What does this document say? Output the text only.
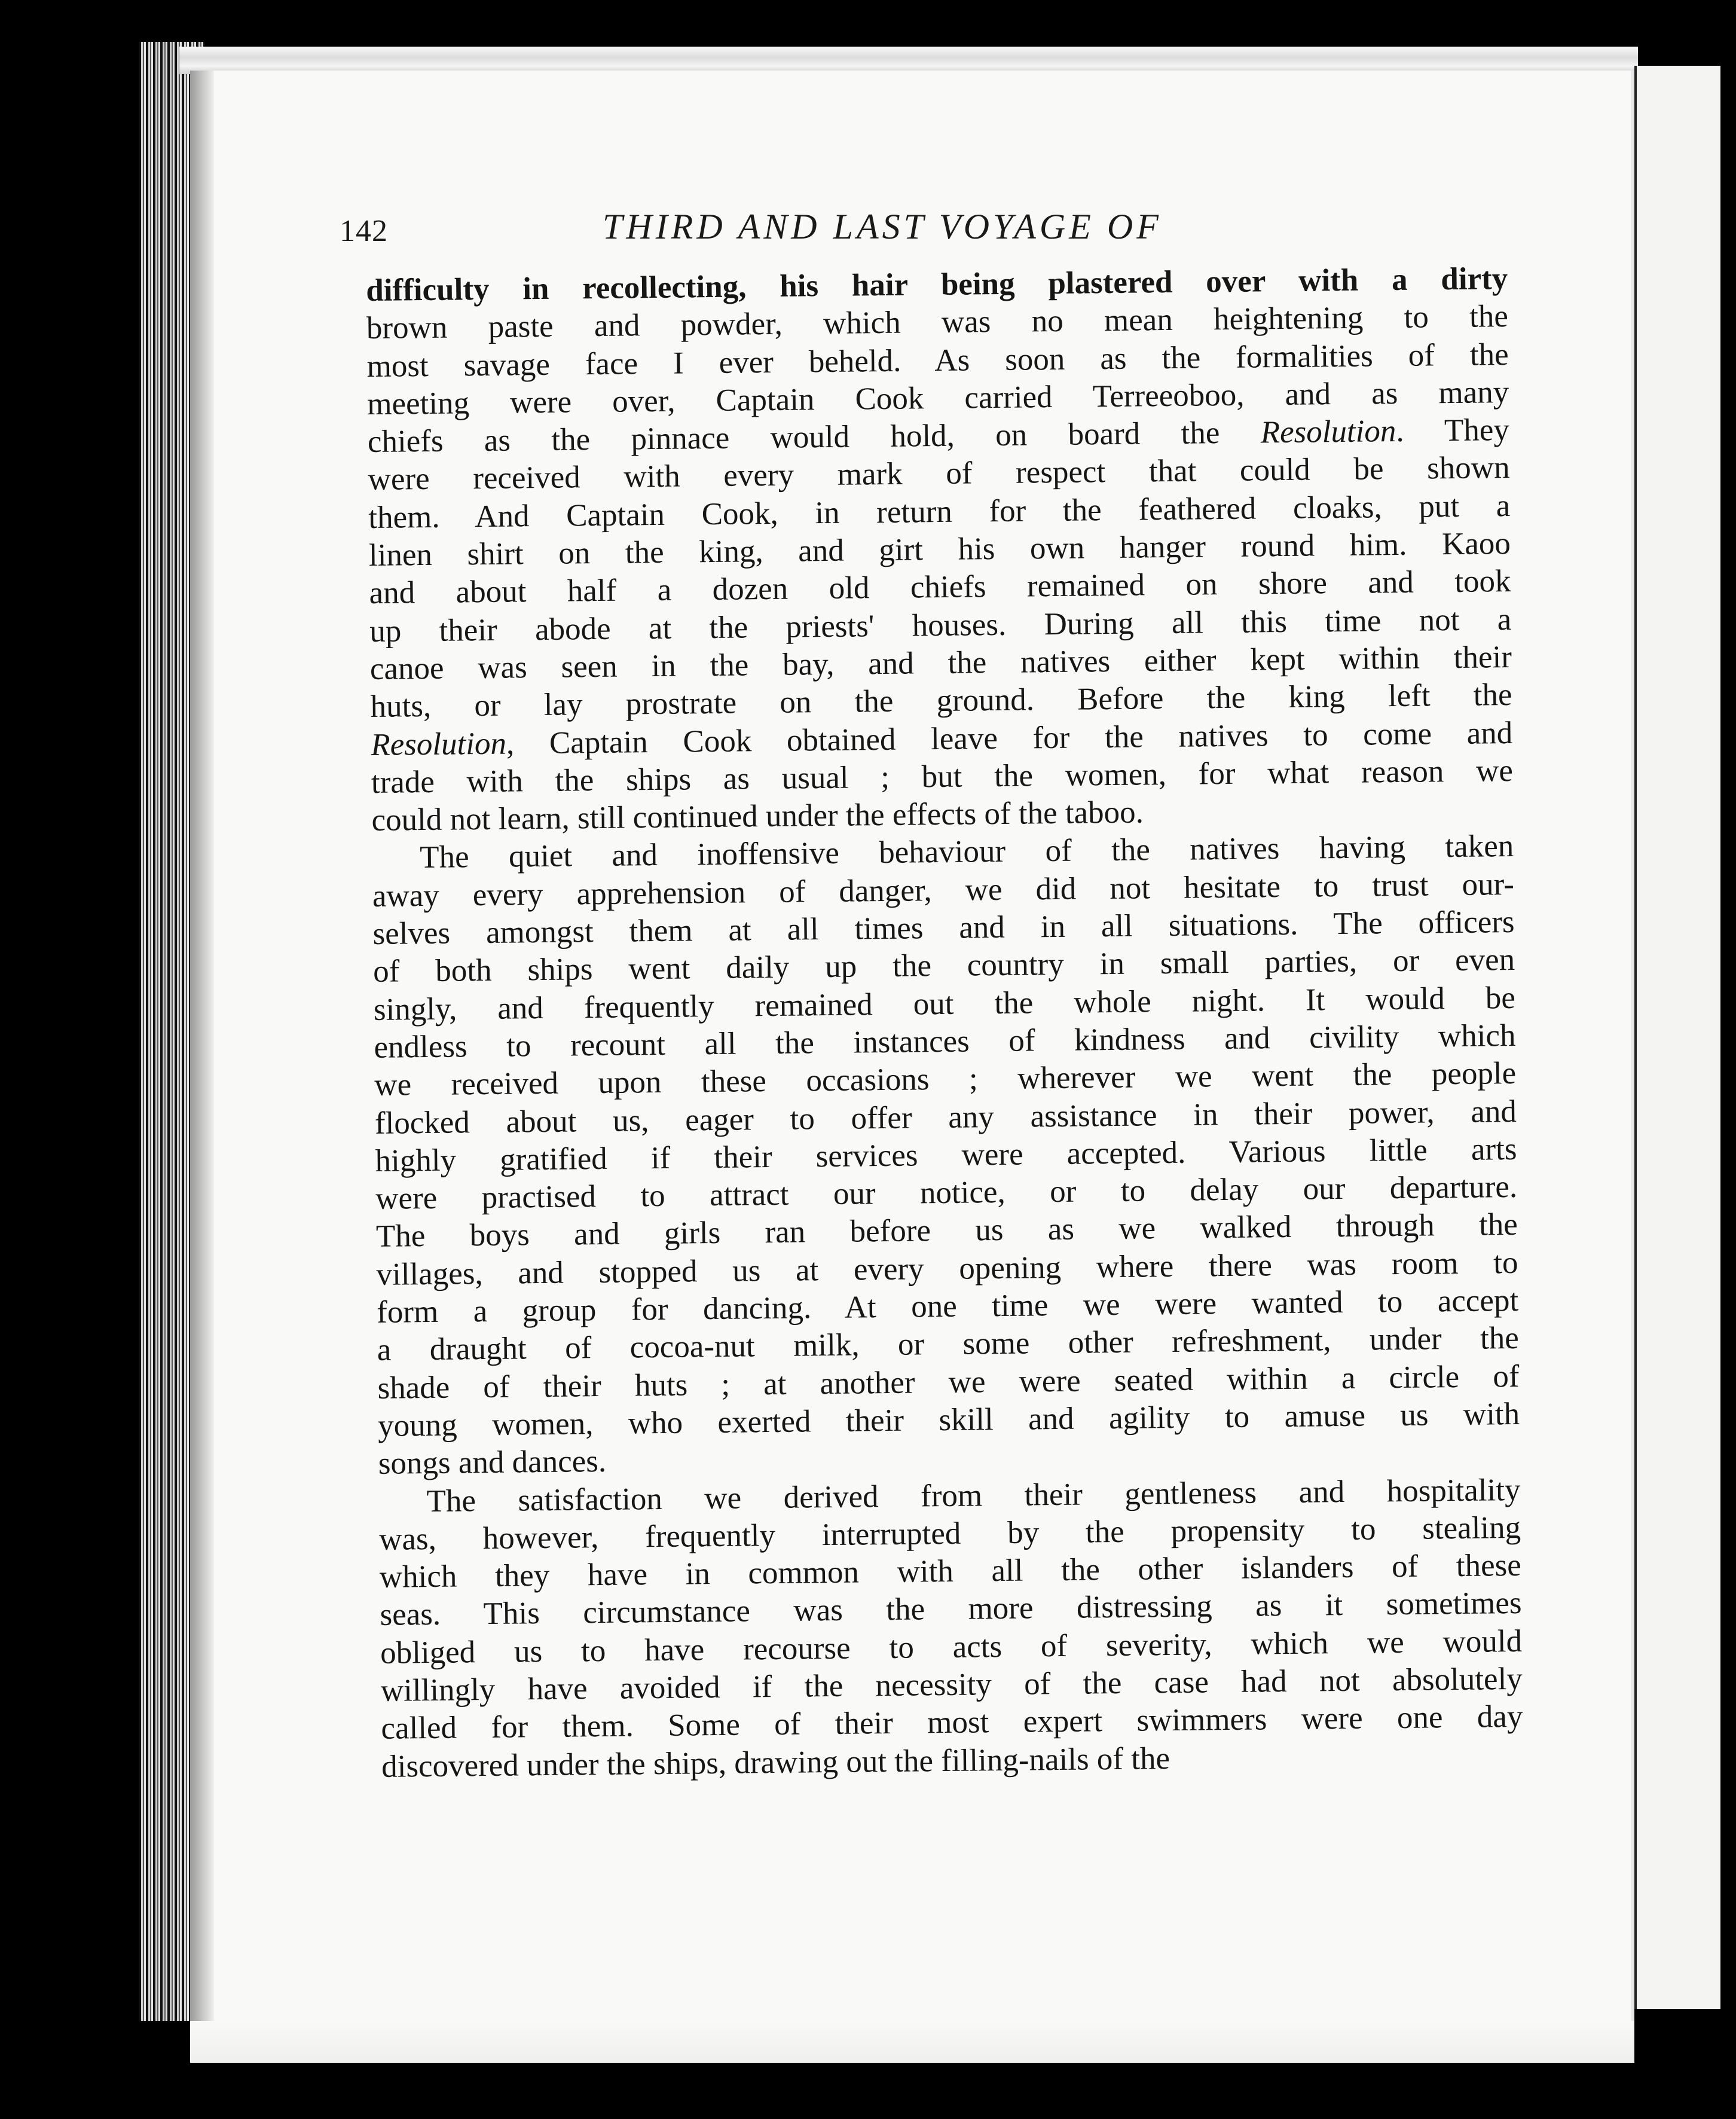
142	THIRD AND LAST VOYAGE OF
difficulty in recollecting, his hair being plastered over with a dirty
brown paste and powder, which was no mean heightening to the
most savage face I ever beheld. As soon as the formalities of the
meeting were over, Captain Cook carried Terreeoboo, and as many
chiefs as the pinnace would hold, on board the Resolution. They
were received with every mark of respect that could be shown
them. And Captain Cook, in return for the feathered cloaks, put a
linen shirt on the king, and girt his own hanger round him. Kaoo
and about half a dozen old chiefs remained on shore and took
up their abode at the priests' houses. During all this time not a
canoe was seen in the bay, and the natives either kept within their
huts, or lay prostrate on the ground. Before the king left the
Resolution, Captain Cook obtained leave for the natives to come and
trade with the ships as usual ; but the women, for what reason we
could not learn, still continued under the effects of the taboo.
The quiet and inoffensive behaviour of the natives having taken
away every apprehension of danger, we did not hesitate to trust our-
selves amongst them at all times and in all situations. The officers
of both ships went daily up the country in small parties, or even
singly, and frequently remained out the whole night. It would be
endless to recount all the instances of kindness and civility which
we received upon these occasions ; wherever we went the people
flocked about us, eager to offer any assistance in their power, and
highly gratified if their services were accepted. Various little arts
were practised to attract our notice, or to delay our departure.
The boys and girls ran before us as we walked through the
villages, and stopped us at every opening where there was room to
form a group for dancing. At one time we were wanted to accept
a draught of cocoa-nut milk, or some other refreshment, under the
shade of their huts ; at another we were seated within a circle of
young women, who exerted their skill and agility to amuse us with
songs and dances.
The satisfaction we derived from their gentleness and hospitality
was, however, frequently interrupted by the propensity to stealing
which they have in common with all the other islanders of these
seas. This circumstance was the more distressing as it sometimes
obliged us to have recourse to acts of severity, which we would
willingly have avoided if the necessity of the case had not absolutely
called for them. Some of their most expert swimmers were one day
discovered under the ships, drawing out the filling-nails of the
